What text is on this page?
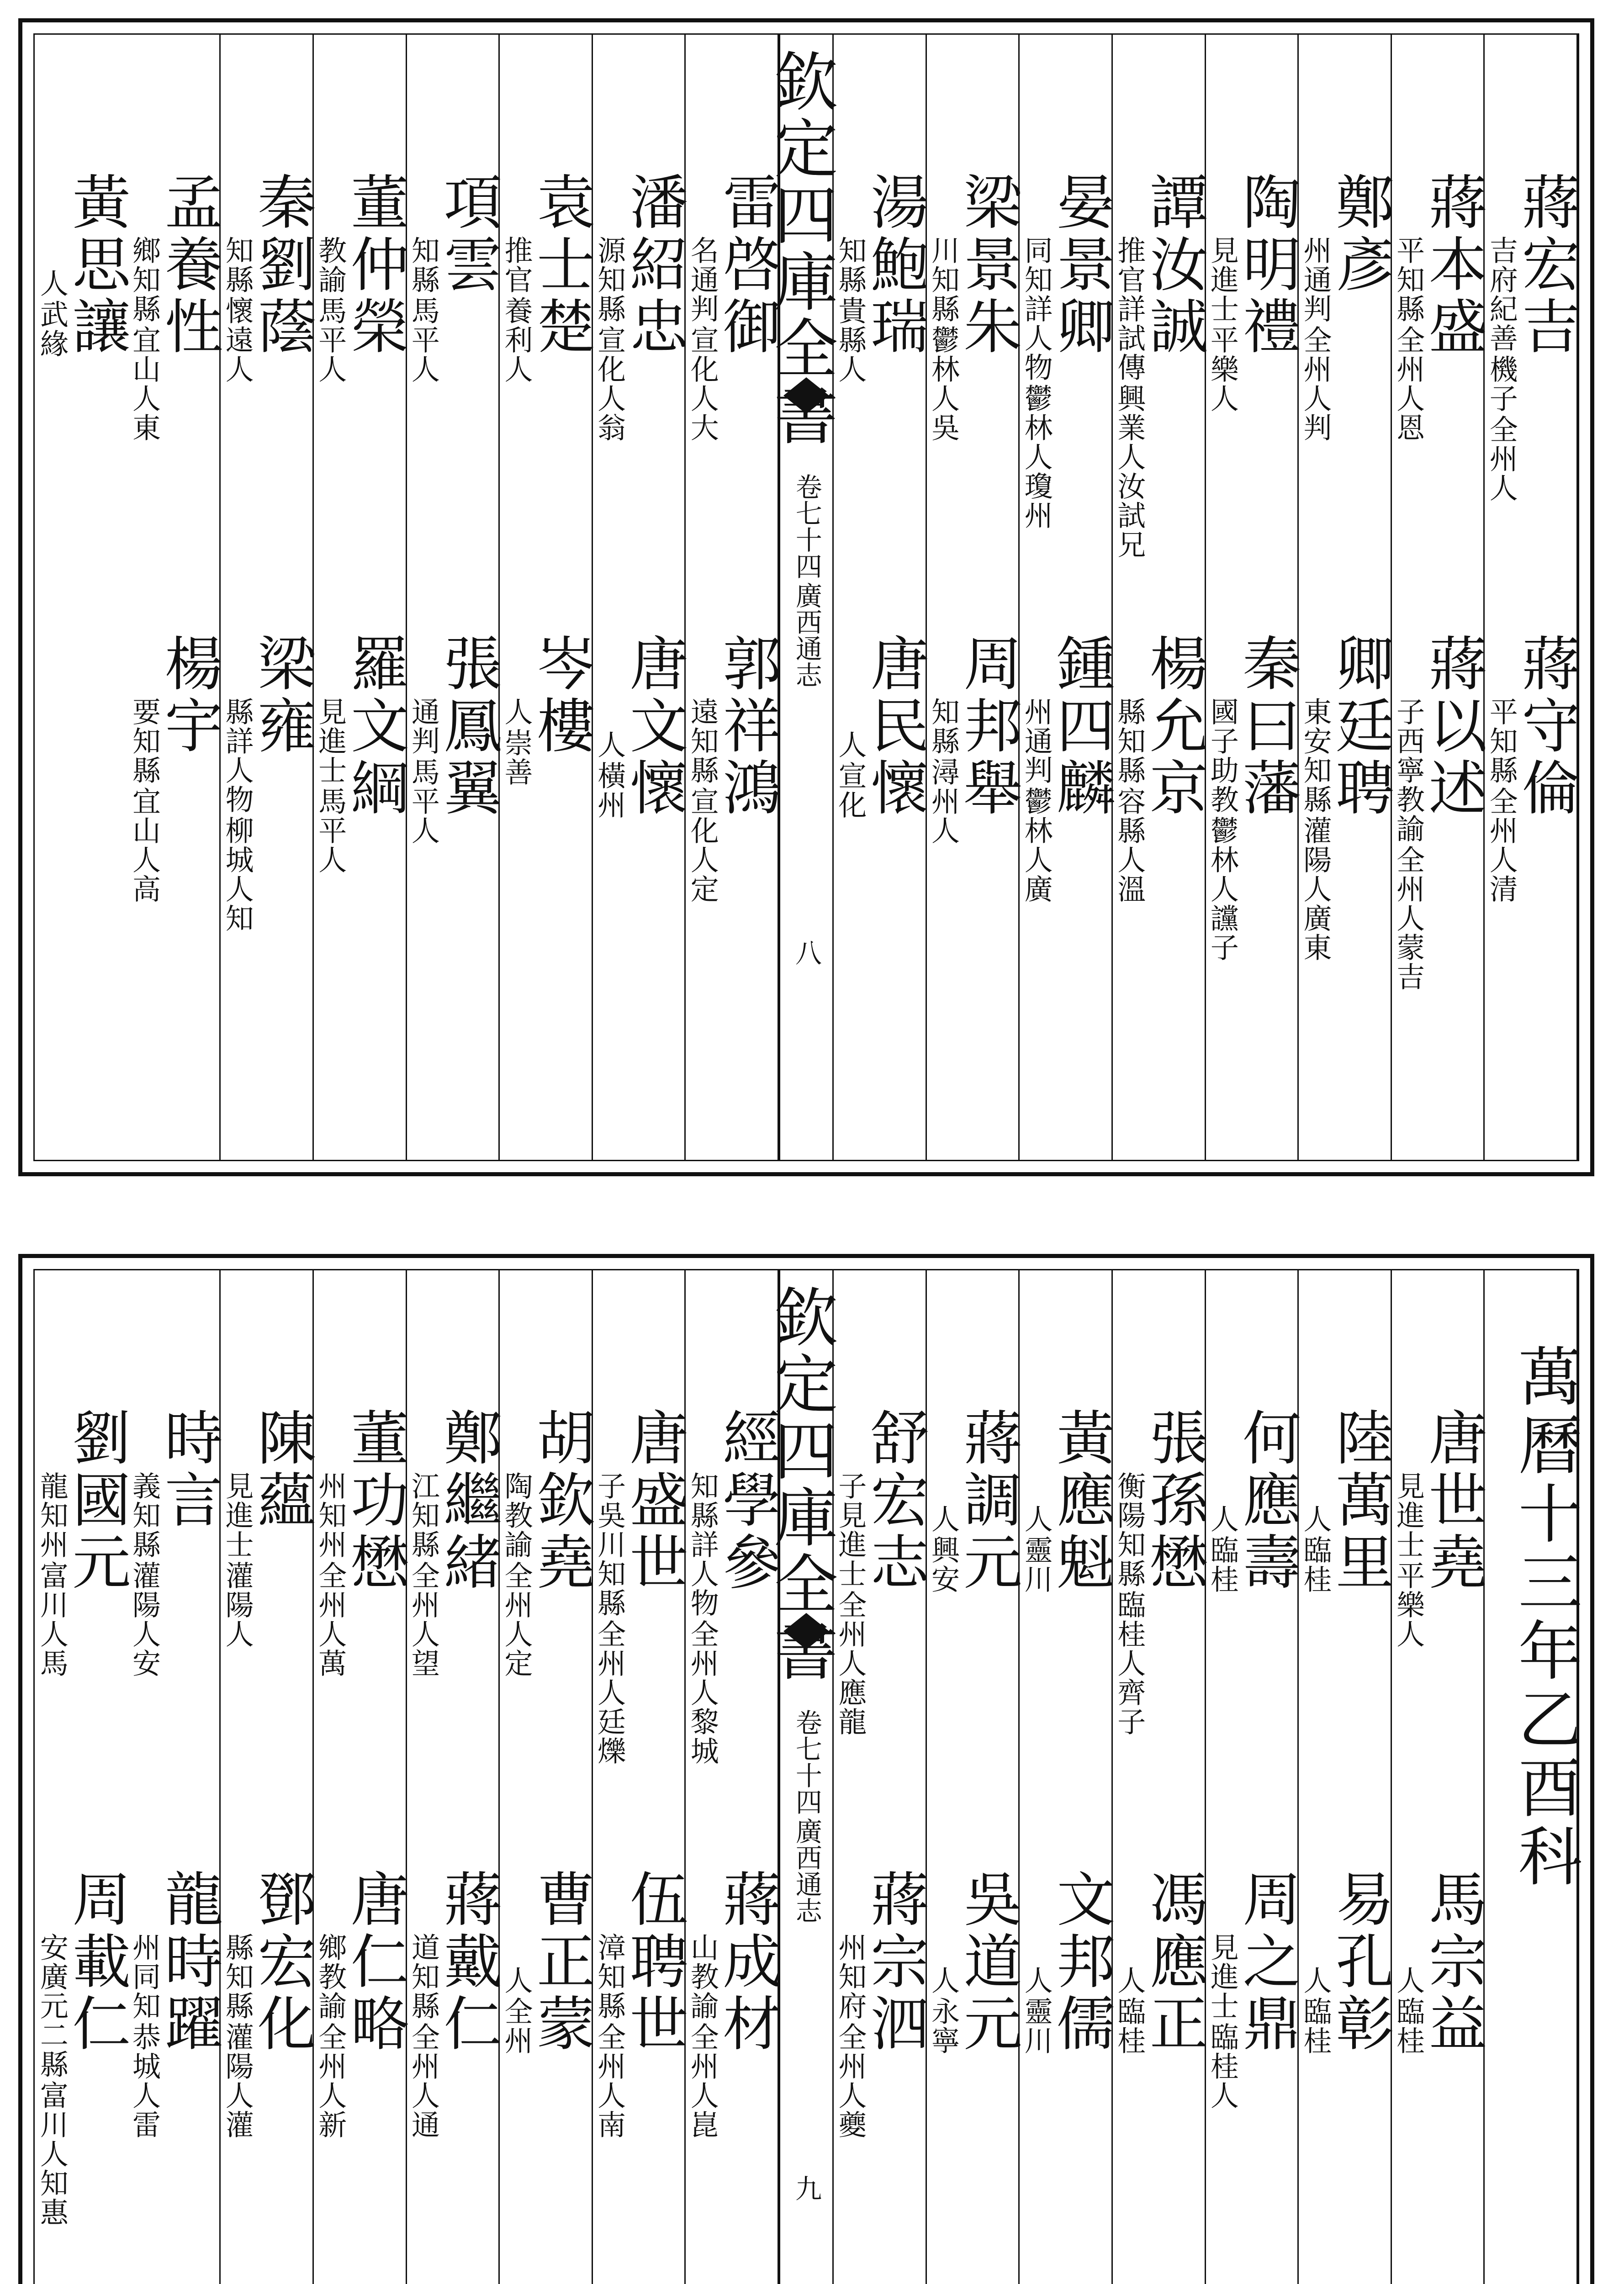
蔣宏吉
全州人
機子
吉府紀善
蔣守倫
全州人清
平知縣
蔣本盛
全州人恩
平知縣
蔣以述
全州人蒙吉
子西寧教諭
鄭彥
全州人判
州通判
卿廷聘
灌陽人廣東
東安知縣
陶明禮
平樂人
見進士
秦曰藩
鬱林人讜子
國子助教
譚汝誠
興業人汝試兄
推官詳試傳
楊允京
容縣人溫
縣知縣
晏景卿
鬱林人瓊州
同知詳人物
鍾四麟
鬱林人廣
州通判
梁景朱
鬱林人吳
川知縣
周邦舉
潯州人
知縣
湯鮑瑞
貴縣人
知縣
唐民懷
宣化
人
欽定四庫全書
廣西通志
卷七十四
八
雷啓御
宣化人大
名通判
郭祥鴻
宣化人定
遠知縣
潘紹忠
宣化人翁
源知縣
唐文懷
橫州
人
袁士楚
養利人
推官
岑樓
崇善
人
項雲
馬平人
知縣
張鳳翼
馬平人
通判
董仲榮
馬平人
教諭
羅文綱
馬平人
見進士
秦劉蔭
懷遠人
知縣
梁雍
柳城人知
縣詳人物
孟養性
宜山人東
鄉知縣
楊宇
宜山人高
要知縣
黃思讓
武緣
人
萬曆十三年乙酉科
唐世堯
平樂人
見進士
馬宗益
臨桂
人
陸萬里
臨桂
人
易孔彰
臨桂
人
何應壽
臨桂
人
周之鼎
臨桂人
見進士
張孫懋
臨桂人齊子
衡陽知縣
馮應正
臨桂
人
黃應魁
靈川
人
文邦儒
靈川
人
蔣調元
興安
人
吳道元
永寧
人
舒宏志
全州人應龍
子見進士
蔣宗泗
全州人夔
州知府
欽定四庫全書
廣西通志
卷七十四
九
經學參
全州人黎城
知縣詳人物
蔣成材
全州人崑
山教諭
唐盛世
全州人廷爍
子吳川知縣
伍聘世
全州人南
漳知縣
胡欽堯
全州人定
陶教諭
曹正蒙
全州
人
鄭繼緒
全州人望
江知縣
蔣戴仁
全州人通
道知縣
董功懋
全州人萬
州知州
唐仁略
全州人新
鄉教諭
陳蘊
灌陽人
見進士
鄧宏化
灌陽人灌
縣知縣
時言
灌陽人安
義知縣
龍時躍
恭城人雷
州同知
劉國元
富川人馬
龍知州
周載仁
富川人知惠
安廣元二縣
